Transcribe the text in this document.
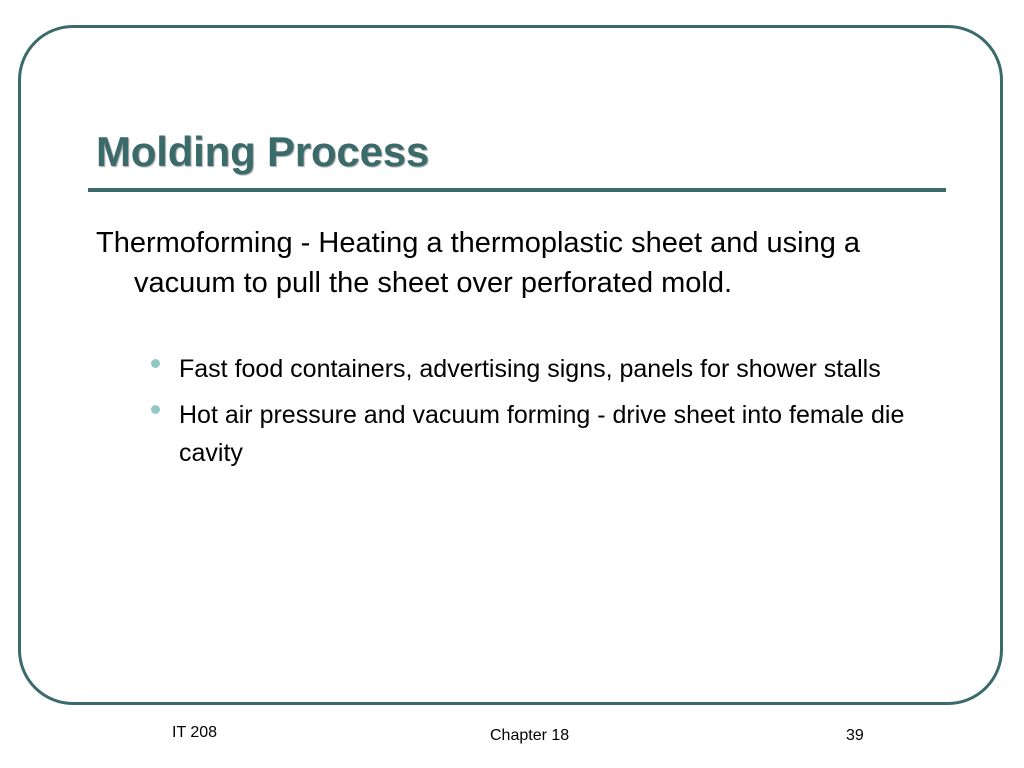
Molding Process

Thermoforming - Heating a thermoplastic sheet and using a vacuum to pull the sheet over perforated mold.

Fast food containers, advertising signs, panels for shower stalls
Hot air pressure and vacuum forming - drive sheet into female die cavity
IT 208	Chapter 18	39
